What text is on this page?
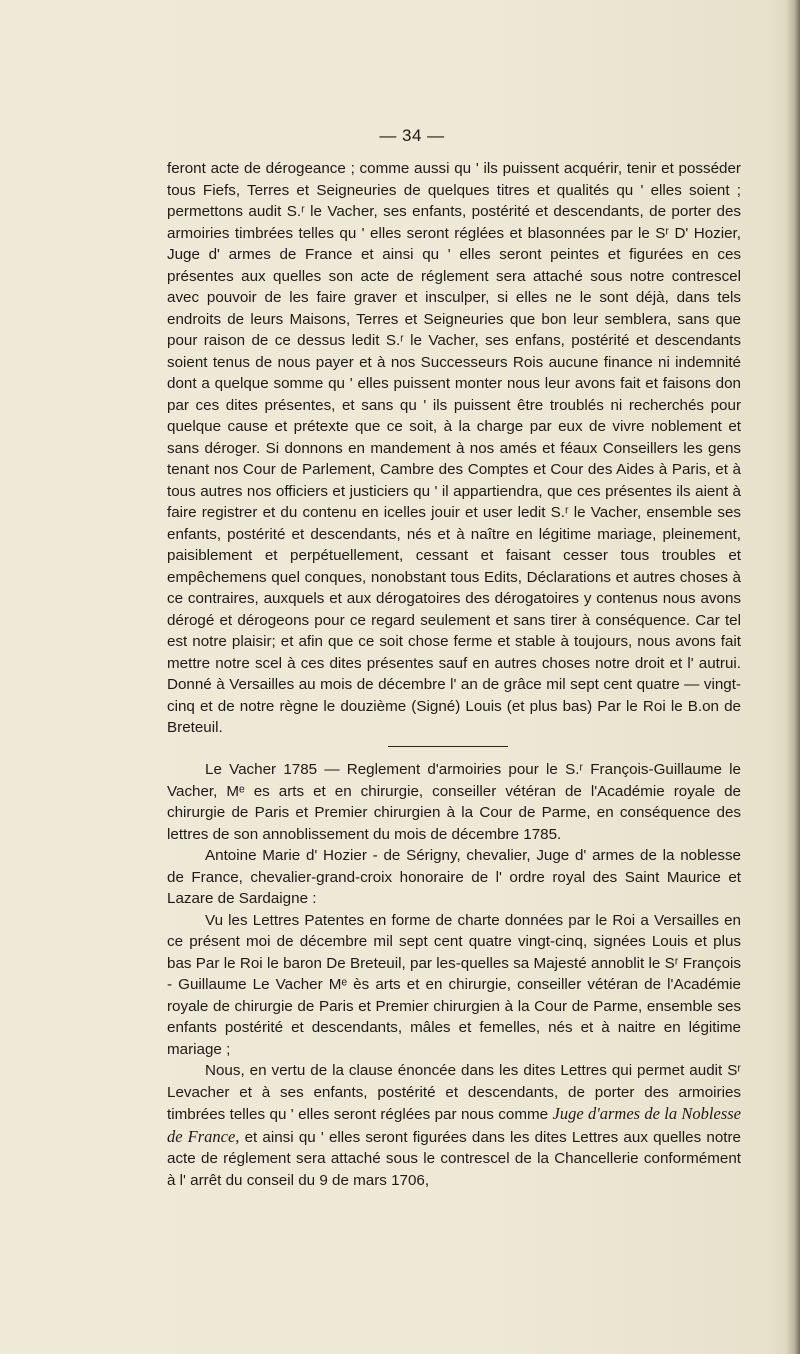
— 34 —

feront acte de dérogeance ; comme aussi qu ' ils puissent acquérir, tenir et posséder tous Fiefs, Terres et Seigneuries de quelques titres et qualités qu ' elles soient ; permettons audit S.ʳ le Vacher, ses enfants, postérité et descendants, de porter des armoiries timbrées telles qu ' elles seront réglées et blasonnées par le Sʳ D' Hozier, Juge d' armes de France et ainsi qu ' elles seront peintes et figurées en ces présentes aux quelles son acte de réglement sera attaché sous notre contrescel avec pouvoir de les faire graver et insculper, si elles ne le sont déjà, dans tels endroits de leurs Maisons, Terres et Seigneuries que bon leur semblera, sans que pour raison de ce dessus ledit S.ʳ le Vacher, ses enfans, postérité et descendants soient tenus de nous payer et à nos Successeurs Rois aucune finance ni indemnité dont a quelque somme qu ' elles puissent monter nous leur avons fait et faisons don par ces dites présentes, et sans qu ' ils puissent être troublés ni recherchés pour quelque cause et prétexte que ce soit, à la charge par eux de vivre noblement et sans déroger. Si donnons en mandement à nos amés et féaux Conseillers les gens tenant nos Cour de Parlement, Cambre des Comptes et Cour des Aides à Paris, et à tous autres nos officiers et justiciers qu ' il appartiendra, que ces présentes ils aient à faire registrer et du contenu en icelles jouir et user ledit S.ʳ le Vacher, ensemble ses enfants, postérité et descendants, nés et à naître en légitime mariage, pleinement, paisiblement et perpétuellement, cessant et faisant cesser tous troubles et empêchemens quel conques, nonobstant tous Edits, Déclarations et autres choses à ce contraires, auxquels et aux dérogatoires des dérogatoires y contenus nous avons dérogé et dérogeons pour ce regard seulement et sans tirer à conséquence. Car tel est notre plaisir; et afin que ce soit chose ferme et stable à toujours, nous avons fait mettre notre scel à ces dites présentes sauf en autres choses notre droit et l' autrui. Donné à Versailles au mois de décembre l' an de grâce mil sept cent quatre — vingt-cinq et de notre règne le douzième (Signé) Louis (et plus bas) Par le Roi le B.on de Breteuil.

Le Vacher 1785 — Reglement d'armoiries pour le S.ʳ François-Guillaume le Vacher, Mᵉ es arts et en chirurgie, conseiller vétéran de l'Académie royale de chirurgie de Paris et Premier chirurgien à la Cour de Parme, en conséquence des lettres de son annoblissement du mois de décembre 1785.

Antoine Marie d' Hozier - de Sérigny, chevalier, Juge d' armes de la noblesse de France, chevalier-grand-croix honoraire de l' ordre royal des Saint Maurice et Lazare de Sardaigne :

Vu les Lettres Patentes en forme de charte données par le Roi a Versailles en ce présent moi de décembre mil sept cent quatre vingt-cinq, signées Louis et plus bas Par le Roi le baron De Breteuil, par les-quelles sa Majesté annoblit le Sʳ François - Guillaume Le Vacher Mᵉ ès arts et en chirurgie, conseiller vétéran de l'Académie royale de chirurgie de Paris et Premier chirurgien à la Cour de Parme, ensemble ses enfants postérité et descendants, mâles et femelles, nés et à naitre en légitime mariage ;

Nous, en vertu de la clause énoncée dans les dites Lettres qui permet audit Sʳ Levacher et à ses enfants, postérité et descendants, de porter des armoiries timbrées telles qu ' elles seront réglées par nous comme Juge d'armes de la Noblesse de France, et ainsi qu ' elles seront figurées dans les dites Lettres aux quelles notre acte de réglement sera attaché sous le contrescel de la Chancellerie conformément à l' arrêt du conseil du 9 de mars 1706,
